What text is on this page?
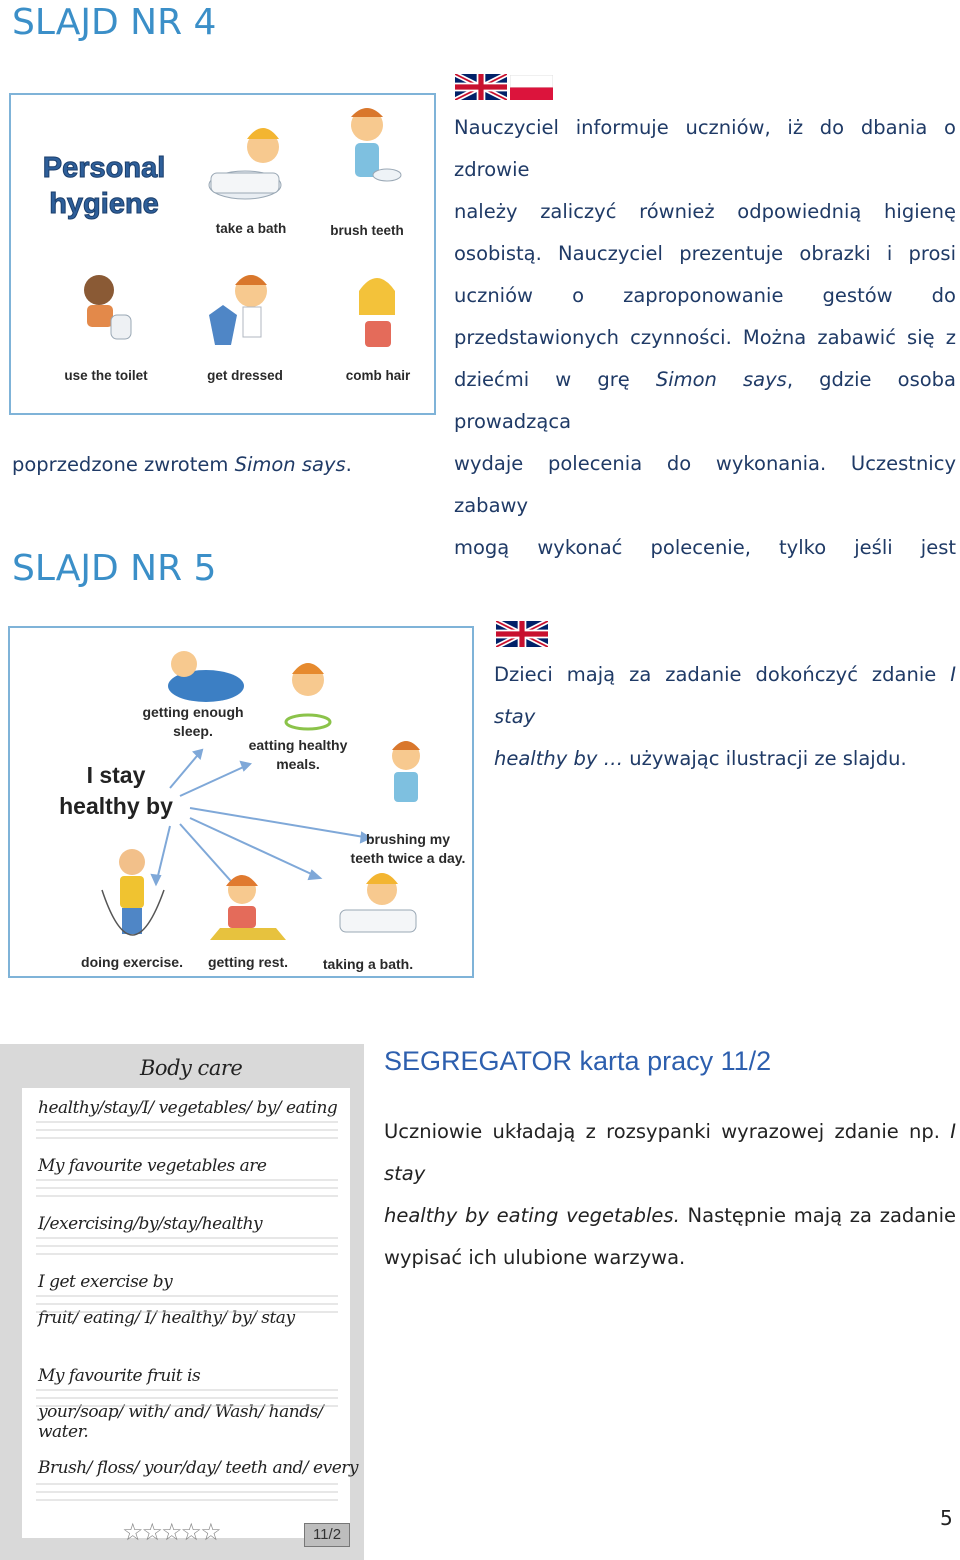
SLAJD NR 4
Personal
hygiene
take a bath	brush teeth
use the toilet	get dressed	comb hair
Nauczyciel informuje uczniów, iż do dbania o zdrowie
należy zaliczyć również odpowiednią higienę
osobistą. Nauczyciel prezentuje obrazki i prosi
uczniów o zaproponowanie gestów do
przedstawionych czynności. Można zabawić się z
dziećmi w grę Simon says, gdzie osoba prowadząca
wydaje polecenia do wykonania. Uczestnicy zabawy
mogą wykonać polecenie, tylko jeśli jest
poprzedzone zwrotem Simon says.
SLAJD NR 5
I stay
healthy by
getting enough
sleep.
eatting healthy
meals.
brushing my
teeth twice a day.
doing exercise.	getting rest.	taking a bath.
Dzieci mają za zadanie dokończyć zdanie I stay
healthy by … używając ilustracji ze slajdu.
Body care
healthy/stay/I/ vegetables/ by/ eating
My favourite vegetables are
I/exercising/by/stay/healthy
I get exercise by
fruit/ eating/ I/ healthy/ by/ stay
My favourite fruit is
your/soap/ with/ and/ Wash/ hands/ water.
Brush/ floss/ your/day/ teeth and/ every
☆☆☆☆☆	11/2
SEGREGATOR karta pracy 11/2
Uczniowie układają z rozsypanki wyrazowej zdanie np. I stay
healthy by eating vegetables. Następnie mają za zadanie
wypisać ich ulubione warzywa.
5
